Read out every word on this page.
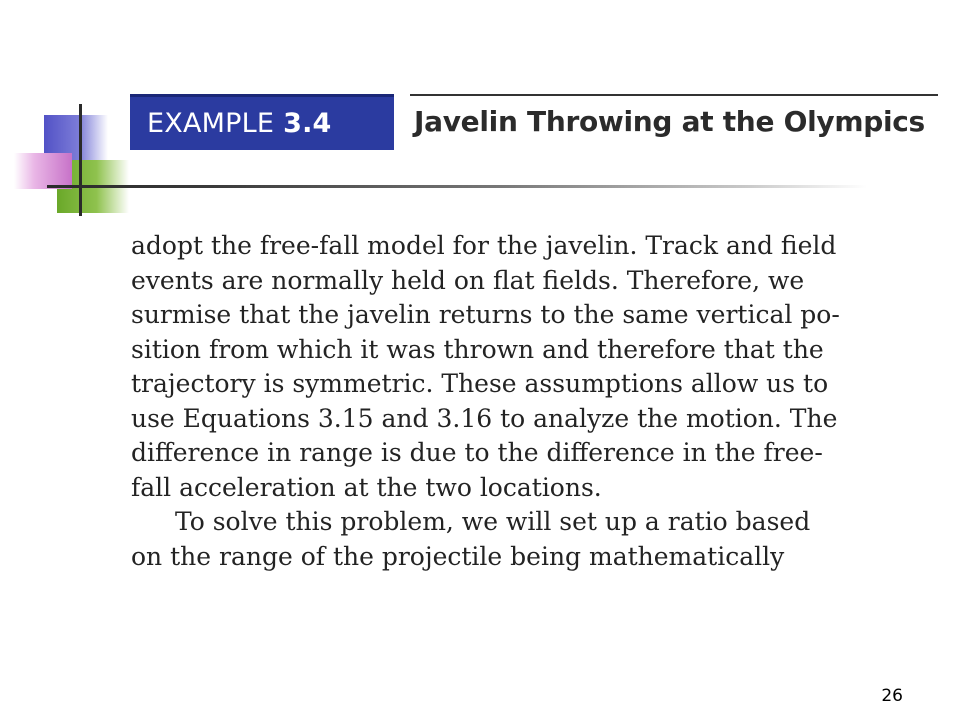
EXAMPLE 3.4	Javelin Throwing at the Olympics
adopt the free-fall model for the javelin. Track and field
events are normally held on flat fields. Therefore, we
surmise that the javelin returns to the same vertical po-
sition from which it was thrown and therefore that the
trajectory is symmetric. These assumptions allow us to
use Equations 3.15 and 3.16 to analyze the motion. The
difference in range is due to the difference in the free-
fall acceleration at the two locations.
To solve this problem, we will set up a ratio based
on the range of the projectile being mathematically
26
